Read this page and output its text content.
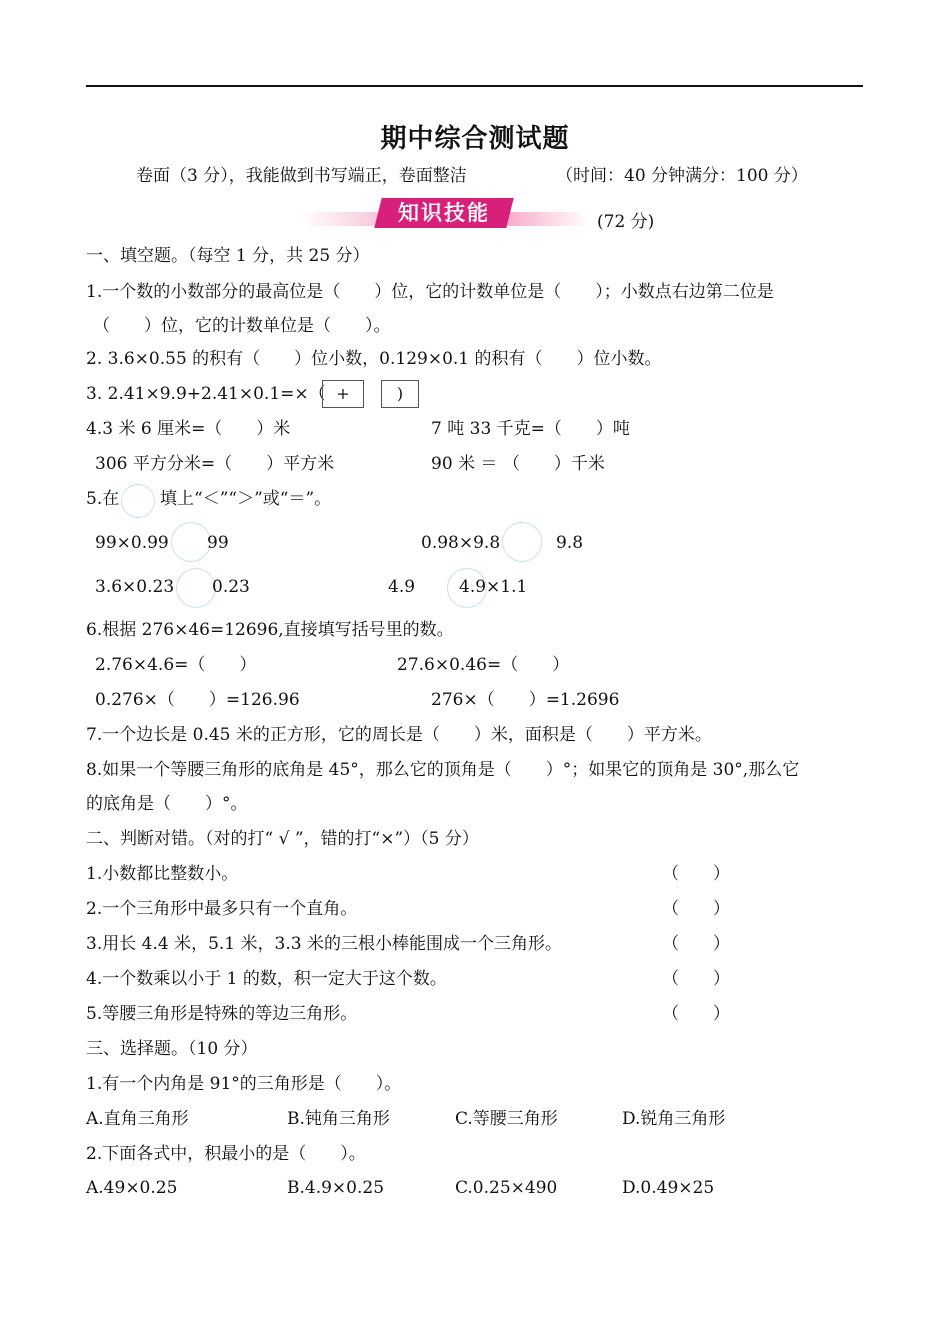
期中综合测试题
卷面（3 分），我能做到书写端正，卷面整洁	（时间：40 分钟满分：100 分）
知识技能	(72 分)
一、填空题。（每空 1 分，共 25 分）
1.一个数的小数部分的最高位是（　　）位，它的计数单位是（　　）；小数点右边第二位是
（　　）位，它的计数单位是（　　）。
2. 3.6×0.55 的积有（　　）位小数，0.129×0.1 的积有（　　）位小数。
3. 2.41×9.9+2.41×0.1=×（ +	)
4.3 米 6 厘米=（　　）米	7 吨 33 千克=（　　）吨
306 平方分米=（　　）平方米	90 米 ＝ （　　）千米
5.在 填上“＜”“＞”或“＝”。
99×0.99 99	0.98×9.8	9.8
3.6×0.23 0.23	4.9	4.9×1.1
6.根据 276×46=12696,直接填写括号里的数。
2.76×4.6=（　　）	27.6×0.46=（　　）
0.276×（　　）=126.96	276×（　　）=1.2696
7.一个边长是 0.45 米的正方形，它的周长是（　　）米，面积是（　　）平方米。
8.如果一个等腰三角形的底角是 45°，那么它的顶角是（　　）°；如果它的顶角是 30°,那么它
的底角是（　　）°。
二、判断对错。（对的打“ √ ”，错的打“×”）（5 分）
1.小数都比整数小。	（　　）
2.一个三角形中最多只有一个直角。	（　　）
3.用长 4.4 米，5.1 米，3.3 米的三根小棒能围成一个三角形。	（　　）
4.一个数乘以小于 1 的数，积一定大于这个数。	（　　）
5.等腰三角形是特殊的等边三角形。	（　　）
三、选择题。（10 分）
1.有一个内角是 91°的三角形是（　　）。
A.直角三角形	B.钝角三角形	C.等腰三角形	D.锐角三角形
2.下面各式中，积最小的是（　　）。
A.49×0.25	B.4.9×0.25	C.0.25×490	D.0.49×25
